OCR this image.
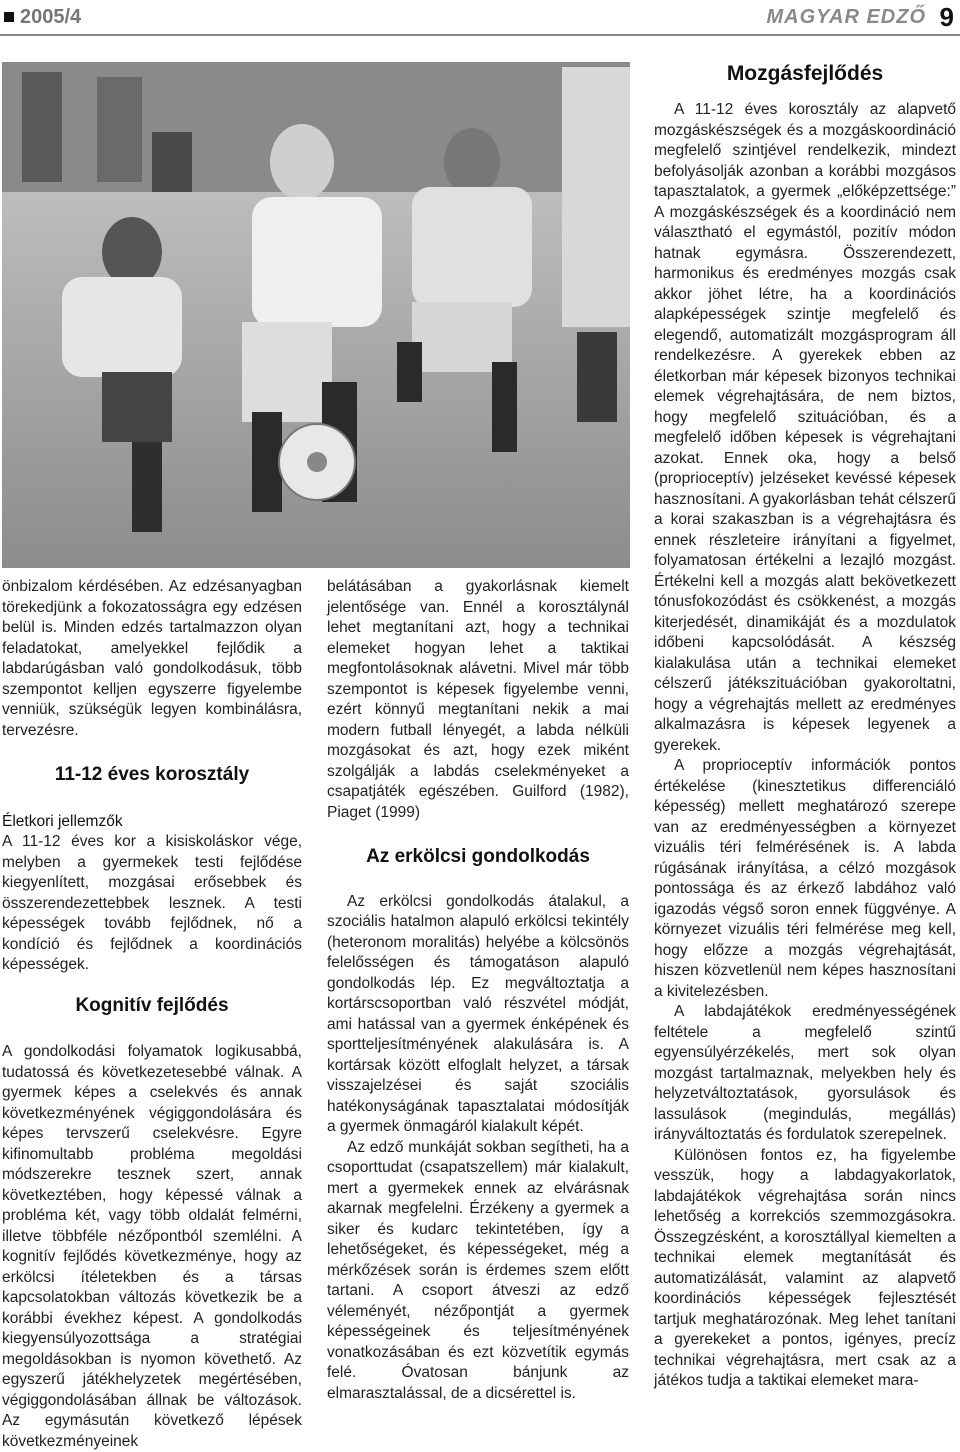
2005/4	MAGYAR EDZŐ 9

önbizalom kérdésében. Az edzésanyagban törekedjünk a fokozatosságra egy edzésen belül is. Minden edzés tartalmazzon olyan feladatokat, amelyekkel fejlődik a labdarúgásban való gondolkodásuk, több szempontot kelljen egyszerre figyelembe venniük, szükségük legyen kombinálásra, tervezésre.

11-12 éves korosztály
Életkori jellemzők

A 11-12 éves kor a kisiskoláskor vége, melyben a gyermekek testi fejlődése kiegyenlített, mozgásai erősebbek és összerendezettebbek lesznek. A testi képességek tovább fejlődnek, nő a kondíció és fejlődnek a koordinációs képességek.

Kognitív fejlődés

A gondolkodási folyamatok logikusabbá, tudatossá és következetesebbé válnak. A gyermek képes a cselekvés és annak következményének végiggondolására és képes tervszerű cselekvésre. Egyre kifinomultabb probléma megoldási módszerekre tesznek szert, annak következtében, hogy képessé válnak a probléma két, vagy több oldalát felmérni, illetve többféle nézőpontból szemlélni. A kognitív fejlődés következménye, hogy az erkölcsi ítéletekben és a társas kapcsolatokban változás következik be a korábbi évekhez képest. A gondolkodás kiegyensúlyozottsága a stratégiai megoldásokban is nyomon követhető. Az egyszerű játékhelyzetek megértésében, végiggondolásában állnak be változások. Az egymásután következő lépések következményeinek

belátásában a gyakorlásnak kiemelt jelentősége van. Ennél a korosztálynál lehet megtanítani azt, hogy a technikai elemeket hogyan lehet a taktikai megfontolásoknak alávetni. Mivel már több szempontot is képesek figyelembe venni, ezért könnyű megtanítani nekik a mai modern futball lényegét, a labda nélküli mozgásokat és azt, hogy ezek miként szolgálják a labdás cselekményeket a csapatjáték egészében. Guilford (1982), Piaget (1999)

Az erkölcsi gondolkodás

Az erkölcsi gondolkodás átalakul, a szociális hatalmon alapuló erkölcsi tekintély (heteronom moralitás) helyébe a kölcsönös felelősségen és támogatáson alapuló gondolkodás lép. Ez megváltoztatja a kortárscsoportban való részvétel módját, ami hatással van a gyermek énképének és sportteljesítményének alakulására is. A kortársak között elfoglalt helyzet, a társak visszajelzései és saját szociális hatékonyságának tapasztalatai módosítják a gyermek önmagáról kialakult képét.

Az edző munkáját sokban segítheti, ha a csoporttudat (csapatszellem) már kialakult, mert a gyermekek ennek az elvárásnak akarnak megfelelni. Érzékeny a gyermek a siker és kudarc tekintetében, így a lehetőségeket, és képességeket, még a mérkőzések során is érdemes szem előtt tartani. A csoport átveszi az edző véleményét, nézőpontját a gyermek képességeinek és teljesítményének vonatkozásában és ezt közvetítik egymás felé. Óvatosan bánjunk az elmarasztalással, de a dicsérettel is.

Mozgásfejlődés

A 11-12 éves korosztály az alapvető mozgáskészségek és a mozgáskoordináció megfelelő szintjével rendelkezik, mindezt befolyásolják azonban a korábbi mozgásos tapasztalatok, a gyermek „előképzettsége:” A mozgáskészségek és a koordináció nem választható el egymástól, pozitív módon hatnak egymásra. Összerendezett, harmonikus és eredményes mozgás csak akkor jöhet létre, ha a koordinációs alapképességek szintje megfelelő és elegendő, automatizált mozgásprogram áll rendelkezésre. A gyerekek ebben az életkorban már képesek bizonyos technikai elemek végrehajtására, de nem biztos, hogy megfelelő szituációban, és a megfelelő időben képesek is végrehajtani azokat. Ennek oka, hogy a belső (proprioceptív) jelzéseket kevéssé képesek hasznosítani. A gyakorlásban tehát célszerű a korai szakaszban is a végrehajtásra és ennek részleteire irányítani a figyelmet, folyamatosan értékelni a lezajló mozgást. Értékelni kell a mozgás alatt bekövetkezett tónusfokozódást és csökkenést, a mozgás kiterjedését, dinamikáját és a mozdulatok időbeni kapcsolódását. A készség kialakulása után a technikai elemeket célszerű játékszituációban gyakoroltatni, hogy a végrehajtás mellett az eredményes alkalmazásra is képesek legyenek a gyerekek.

A proprioceptív információk pontos értékelése (kinesztetikus differenciáló képesség) mellett meghatározó szerepe van az eredményességben a környezet vizuális téri felmérésének is. A labda rúgásának irányítása, a célzó mozgások pontossága és az érkező labdához való igazodás végső soron ennek függvénye. A környezet vizuális téri felmérése meg kell, hogy előzze a mozgás végrehajtását, hiszen közvetlenül nem képes hasznosítani a kivitelezésben.

A labdajátékok eredményességének feltétele a megfelelő szintű egyensúlyérzékelés, mert sok olyan mozgást tartalmaznak, melyekben hely és helyzetváltoztatások, gyorsulások és lassulások (megindulás, megállás) irányváltoztatás és fordulatok szerepelnek.

Különösen fontos ez, ha figyelembe vesszük, hogy a labdagyakorlatok, labdajátékok végrehajtása során nincs lehetőség a korrekciós szemmozgásokra. Összegzésként, a korosztállyal kiemelten a technikai elemek megtanítását és automatizálását, valamint az alapvető koordinációs képességek fejlesztését tartjuk meghatározónak. Meg lehet tanítani a gyerekeket a pontos, igényes, precíz technikai végrehajtásra, mert csak az a játékos tudja a taktikai elemeket mara-
